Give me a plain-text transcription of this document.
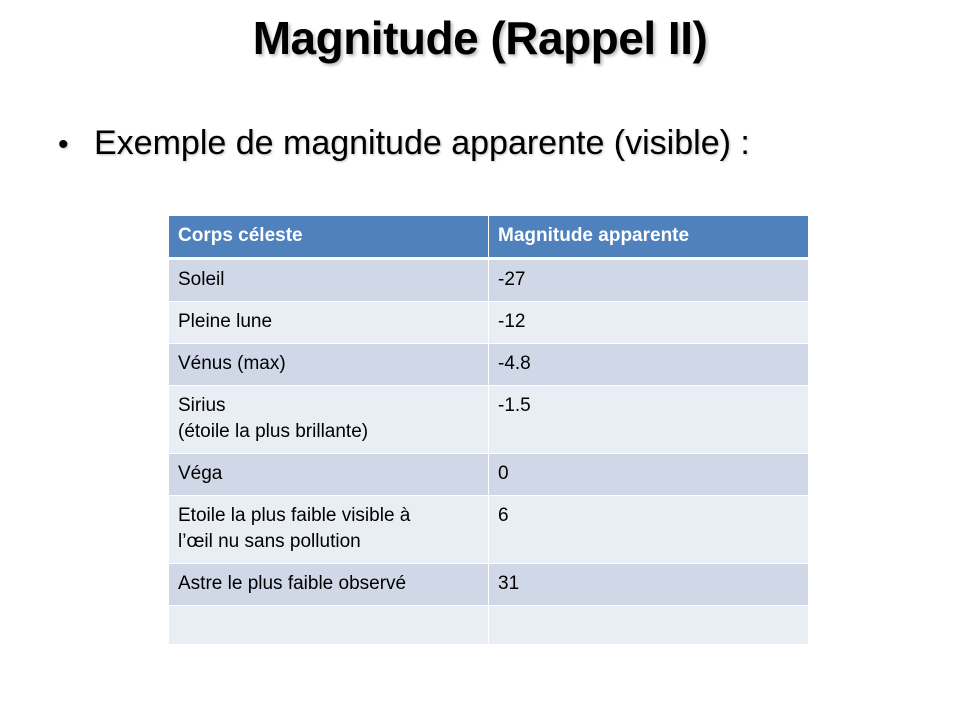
Magnitude (Rappel II)
• Exemple de magnitude apparente (visible) :
Corps céleste	Magnitude apparente
Soleil	-27
Pleine lune	-12
Vénus (max)	-4.8
Sirius
(étoile la plus brillante)	-1.5
Véga	0
Etoile la plus faible visible à
l’œil nu sans pollution	6
Astre le plus faible observé	31
